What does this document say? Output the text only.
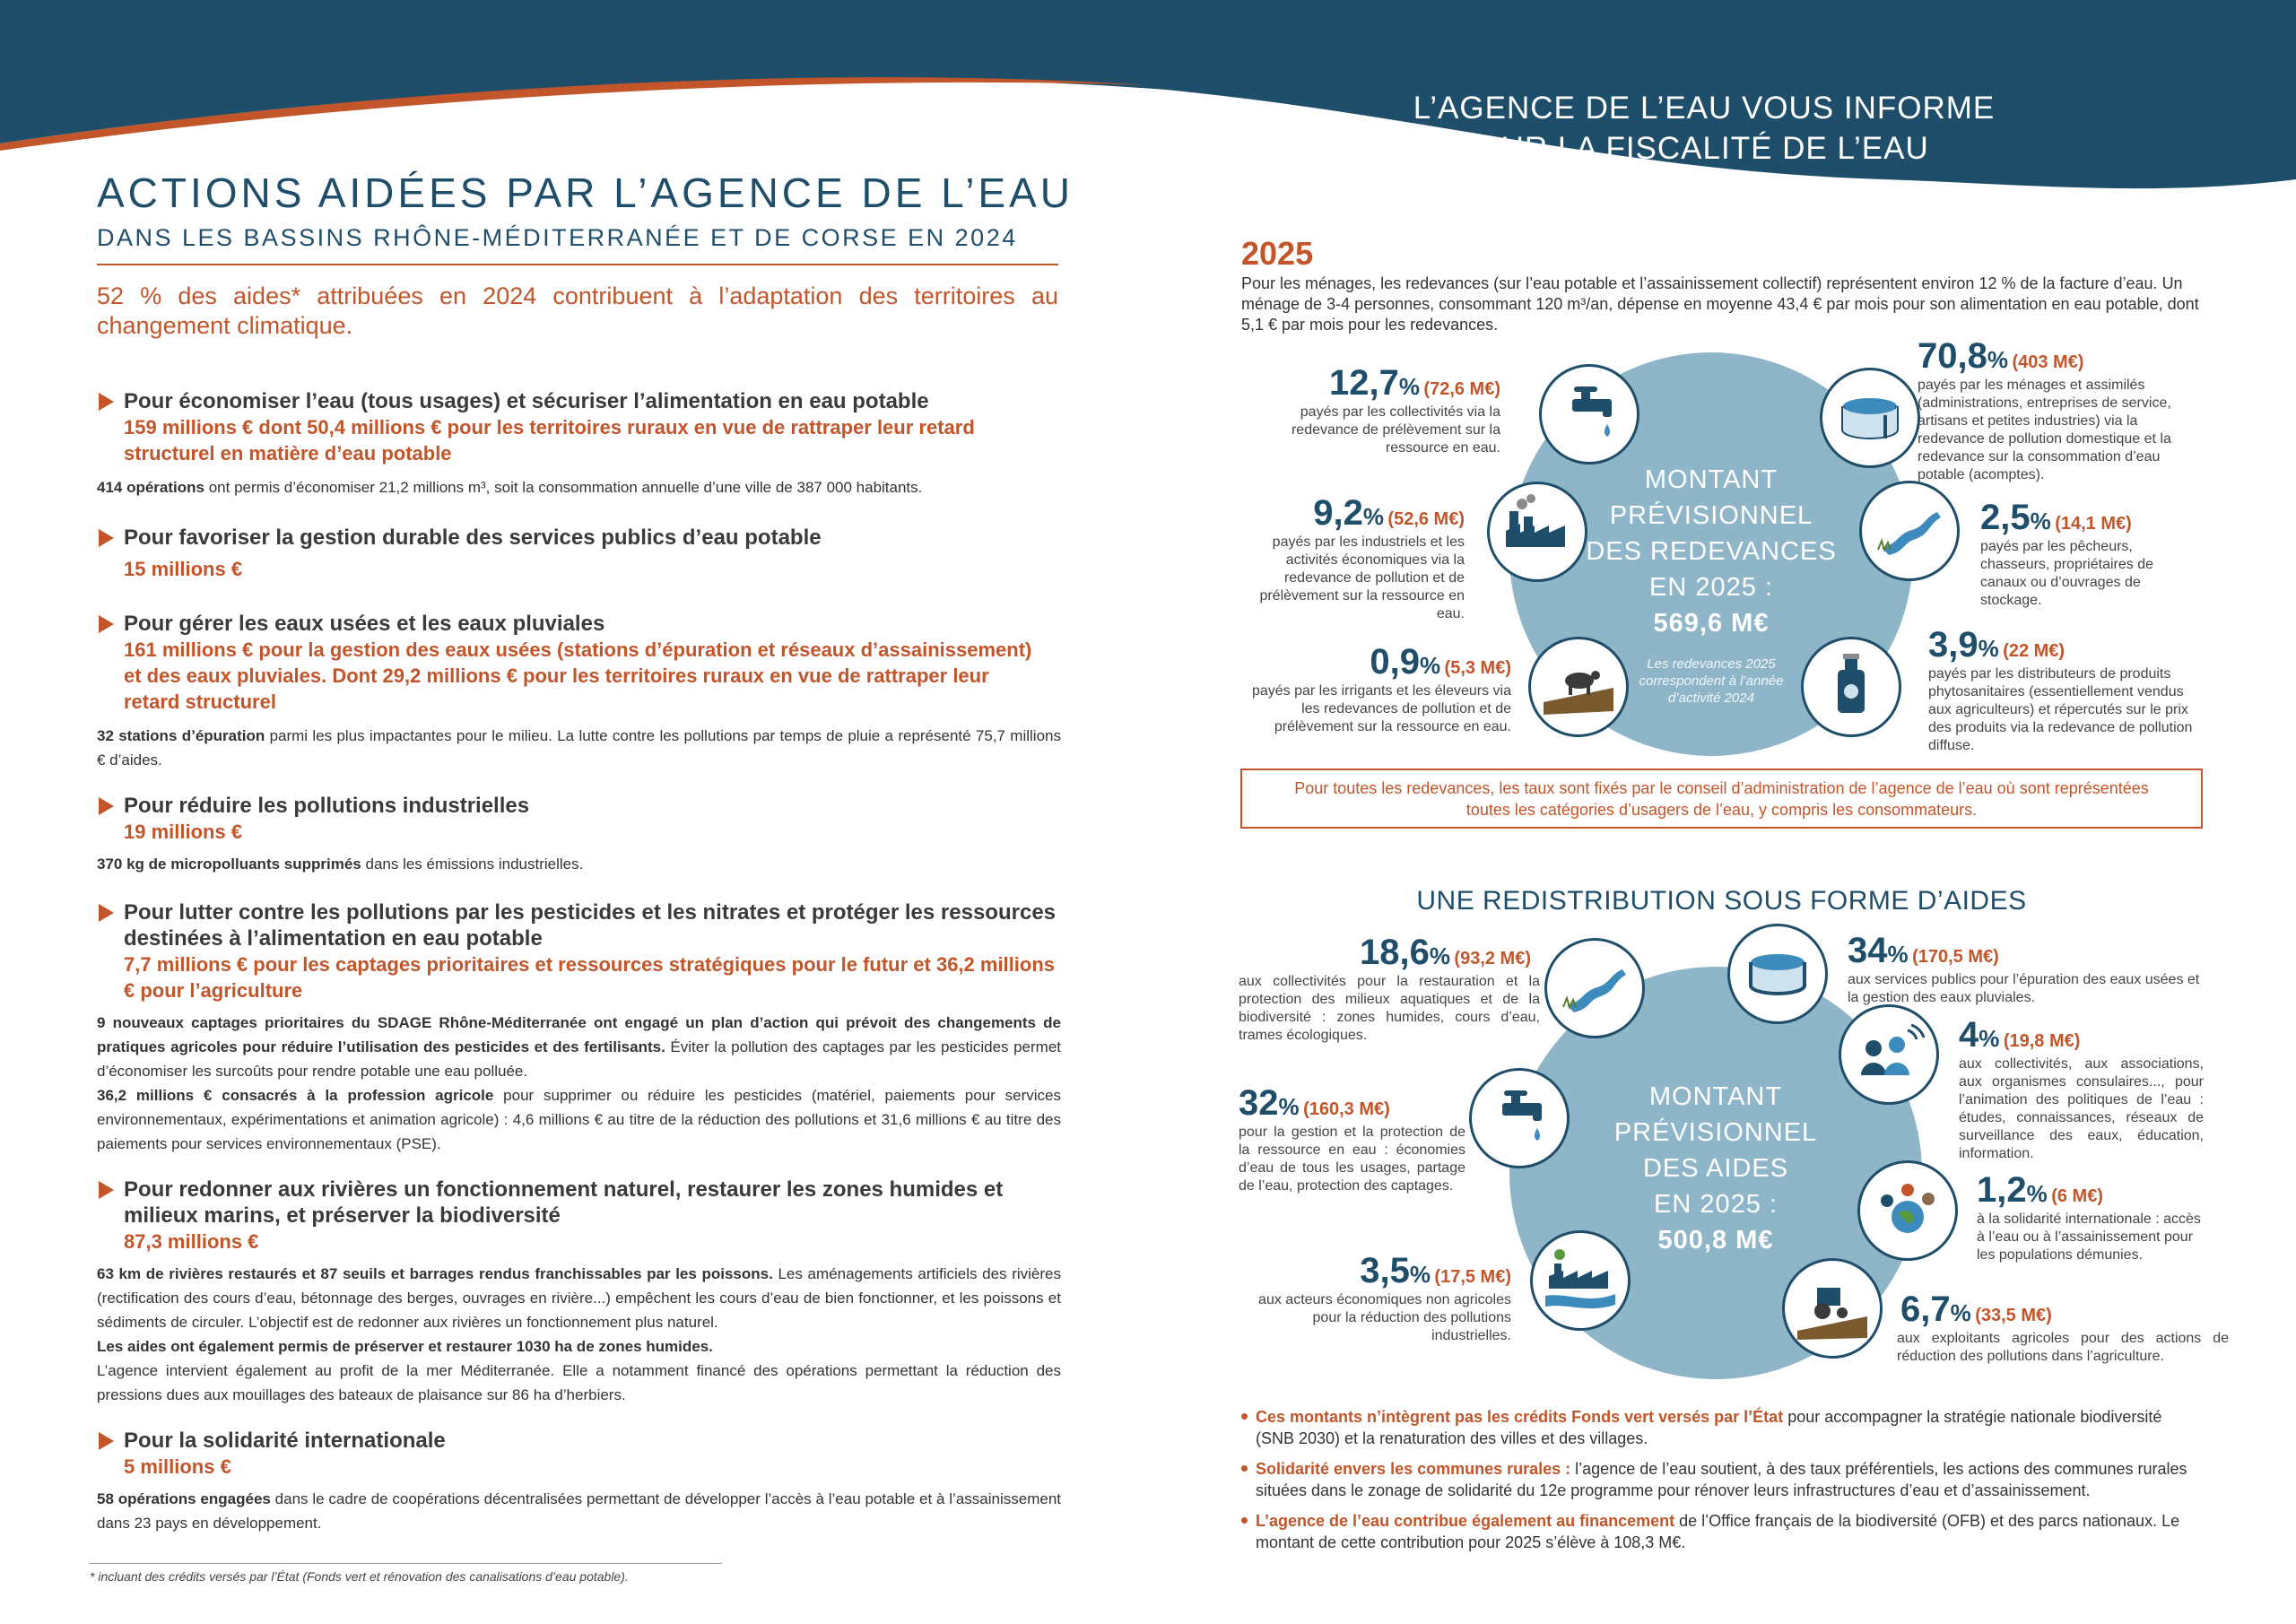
ACTIONS AIDÉES PAR L’AGENCE DE L’EAU
DANS LES BASSINS RHÔNE-MÉDITERRANÉE ET DE CORSE EN 2024
52 % des aides* attribuées en 2024 contribuent à l’adaptation des territoires au changement climatique.
Pour économiser l’eau (tous usages) et sécuriser l’alimentation en eau potable
159 millions € dont 50,4 millions € pour les territoires ruraux en vue de rattraper leur retard structurel en matière d’eau potable
414 opérations ont permis d’économiser 21,2 millions m³, soit la consommation annuelle d’une ville de 387 000 habitants.
Pour favoriser la gestion durable des services publics d’eau potable
15 millions €
Pour gérer les eaux usées et les eaux pluviales
161 millions € pour la gestion des eaux usées (stations d’épuration et réseaux d’assainissement) et des eaux pluviales. Dont 29,2 millions € pour les territoires ruraux en vue de rattraper leur retard structurel
32 stations d’épuration parmi les plus impactantes pour le milieu. La lutte contre les pollutions par temps de pluie a représenté 75,7 millions € d’aides.
Pour réduire les pollutions industrielles
19 millions €
370 kg de micropolluants supprimés dans les émissions industrielles.
Pour lutter contre les pollutions par les pesticides et les nitrates et protéger les ressources destinées à l’alimentation en eau potable
7,7 millions € pour les captages prioritaires et ressources stratégiques pour le futur et 36,2 millions € pour l’agriculture
9 nouveaux captages prioritaires du SDAGE Rhône-Méditerranée ont engagé un plan d’action qui prévoit des changements de pratiques agricoles pour réduire l’utilisation des pesticides et des fertilisants. Éviter la pollution des captages par les pesticides permet d’économiser les surcoûts pour rendre potable une eau polluée.
36,2 millions € consacrés à la profession agricole pour supprimer ou réduire les pesticides (matériel, paiements pour services environnementaux, expérimentations et animation agricole) : 4,6 millions € au titre de la réduction des pollutions et 31,6 millions € au titre des paiements pour services environnementaux (PSE).
Pour redonner aux rivières un fonctionnement naturel, restaurer les zones humides et milieux marins, et préserver la biodiversité
87,3 millions €
63 km de rivières restaurés et 87 seuils et barrages rendus franchissables par les poissons. Les aménagements artificiels des rivières (rectification des cours d’eau, bétonnage des berges, ouvrages en rivière...) empêchent les cours d’eau de bien fonctionner, et les poissons et sédiments de circuler. L’objectif est de redonner aux rivières un fonctionnement plus naturel.
Les aides ont également permis de préserver et restaurer 1030 ha de zones humides.
L’agence intervient également au profit de la mer Méditerranée. Elle a notamment financé des opérations permettant la réduction des pressions dues aux mouillages des bateaux de plaisance sur 86 ha d’herbiers.
Pour la solidarité internationale
5 millions €
58 opérations engagées dans le cadre de coopérations décentralisées permettant de développer l’accès à l’eau potable et à l’assainissement dans 23 pays en développement.
* incluant des crédits versés par l’État (Fonds vert et rénovation des canalisations d’eau potable).
L’AGENCE DE L’EAU VOUS INFORME
SUR LA FISCALITÉ DE L’EAU
2025
Pour les ménages, les redevances (sur l’eau potable et l’assainissement collectif) représentent environ 12 % de la facture d’eau. Un ménage de 3-4 personnes, consommant 120 m³/an, dépense en moyenne 43,4 € par mois pour son alimentation en eau potable, dont 5,1 € par mois pour les redevances.
MONTANT
PRÉVISIONNEL
DES REDEVANCES
EN 2025 :
569,6 M€
Les redevances 2025 correspondent à l’année d’activité 2024
12,7% (72,6 M€)
payés par les collectivités via la redevance de prélèvement sur la ressource en eau.
9,2% (52,6 M€)
payés par les industriels et les activités économiques via la redevance de pollution et de prélèvement sur la ressource en eau.
0,9% (5,3 M€)
payés par les irrigants et les éleveurs via les redevances de pollution et de prélèvement sur la ressource en eau.
70,8% (403 M€)
payés par les ménages et assimilés (administrations, entreprises de service, artisans et petites industries) via la redevance de pollution domestique et la redevance sur la consommation d’eau potable (acomptes).
2,5% (14,1 M€)
payés par les pêcheurs, chasseurs, propriétaires de canaux ou d’ouvrages de stockage.
3,9% (22 M€)
payés par les distributeurs de produits phytosanitaires (essentiellement vendus aux agriculteurs) et répercutés sur le prix des produits via la redevance de pollution diffuse.
Pour toutes les redevances, les taux sont fixés par le conseil d’administration de l’agence de l’eau où sont représentées toutes les catégories d’usagers de l’eau, y compris les consommateurs.
UNE REDISTRIBUTION SOUS FORME D’AIDES
MONTANT
PRÉVISIONNEL
DES AIDES
EN 2025 :
500,8 M€
18,6% (93,2 M€)
aux collectivités pour la restauration et la protection des milieux aquatiques et de la biodiversité : zones humides, cours d’eau, trames écologiques.
32% (160,3 M€)
pour la gestion et la protection de la ressource en eau : économies d’eau de tous les usages, partage de l’eau, protection des captages.
3,5% (17,5 M€)
aux acteurs économiques non agricoles pour la réduction des pollutions industrielles.
34% (170,5 M€)
aux services publics pour l’épuration des eaux usées et la gestion des eaux pluviales.
4% (19,8 M€)
aux collectivités, aux associations, aux organismes consulaires..., pour l’animation des politiques de l’eau : études, connaissances, réseaux de surveillance des eaux, éducation, information.
1,2% (6 M€)
à la solidarité internationale : accès à l’eau ou à l’assainissement pour les populations démunies.
6,7% (33,5 M€)
aux exploitants agricoles pour des actions de réduction des pollutions dans l’agriculture.
Ces montants n’intègrent pas les crédits Fonds vert versés par l’État pour accompagner la stratégie nationale biodiversité (SNB 2030) et la renaturation des villes et des villages.
Solidarité envers les communes rurales : l’agence de l’eau soutient, à des taux préférentiels, les actions des communes rurales situées dans le zonage de solidarité du 12e programme pour rénover leurs infrastructures d’eau et d’assainissement.
L’agence de l’eau contribue également au financement de l’Office français de la biodiversité (OFB) et des parcs nationaux. Le montant de cette contribution pour 2025 s’élève à 108,3 M€.
